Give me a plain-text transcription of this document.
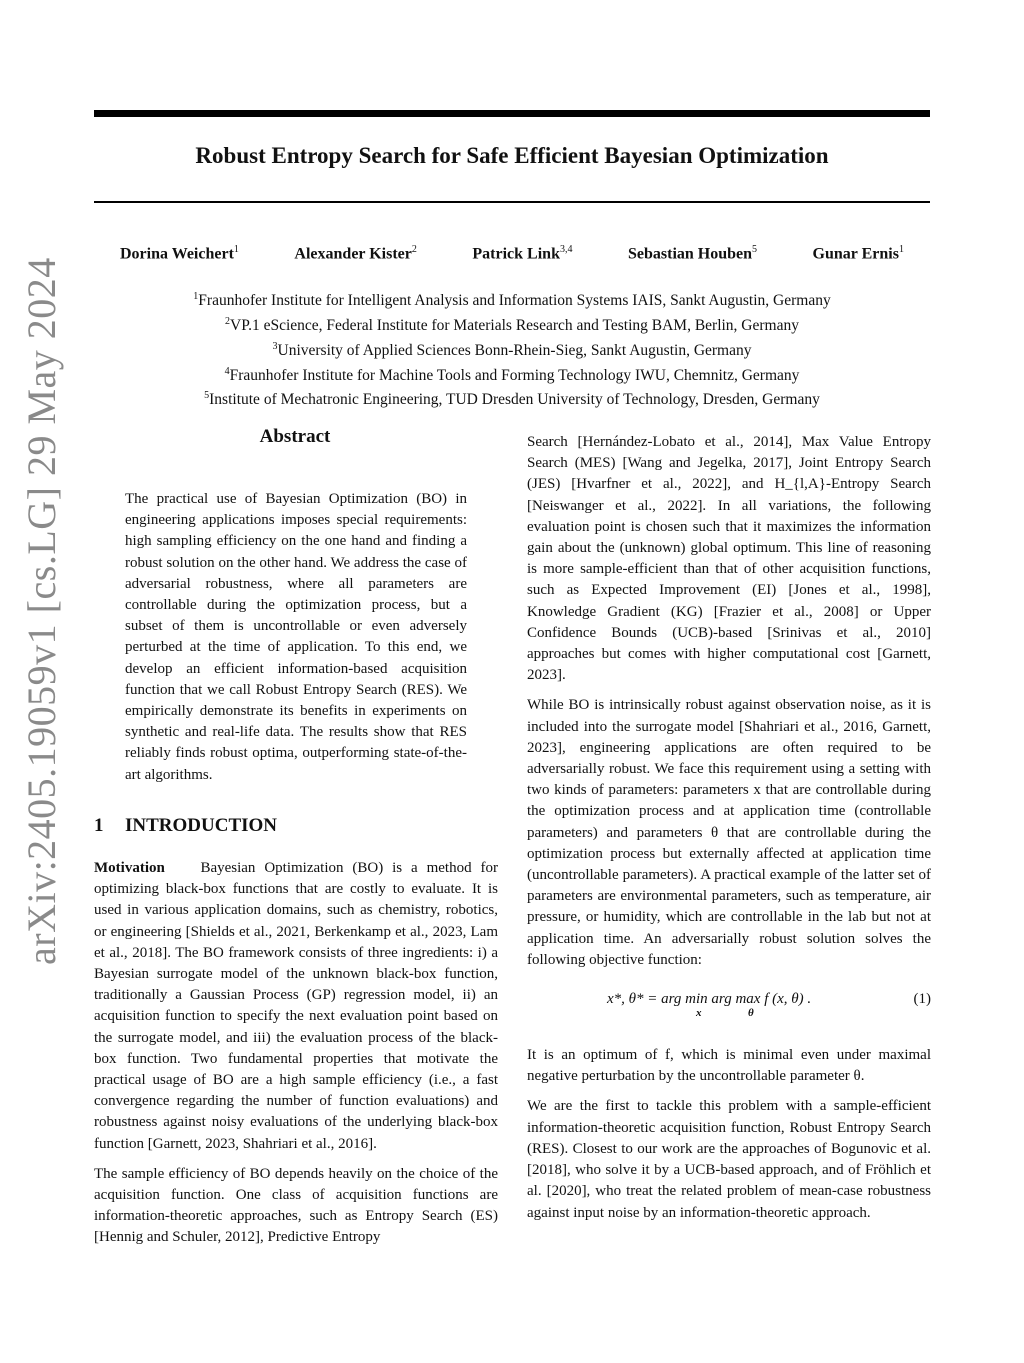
Robust Entropy Search for Safe Efficient Bayesian Optimization
Dorina Weichert$^1$	Alexander Kister$^2$	Patrick Link$^{3,4}$	Sebastian Houben$^5$	Gunar Ernis$^1$
$^1$Fraunhofer Institute for Intelligent Analysis and Information Systems IAIS, Sankt Augustin, Germany
$^2$VP.1 eScience, Federal Institute for Materials Research and Testing BAM, Berlin, Germany
$^3$University of Applied Sciences Bonn-Rhein-Sieg, Sankt Augustin, Germany
$^4$Fraunhofer Institute for Machine Tools and Forming Technology IWU, Chemnitz, Germany
$^5$Institute of Mechatronic Engineering, TUD Dresden University of Technology, Dresden, Germany
arXiv:2405.19059v1 [cs.LG] 29 May 2024	Abstract
The practical use of Bayesian Optimization (BO) in engineering applications imposes special requirements: high sampling efficiency on the one hand and finding a robust solution on the other hand. We address the case of adversarial robustness, where all parameters are controllable during the optimization process, but a subset of them is uncontrollable or even adversely perturbed at the time of application. To this end, we develop an efficient information-based acquisition function that we call Robust Entropy Search (RES). We empirically demonstrate its benefits in experiments on synthetic and real-life data. The results show that RES reliably finds robust optima, outperforming state-of-the-art algorithms.
1 INTRODUCTION

Motivation Bayesian Optimization (BO) is a method for optimizing black-box functions that are costly to evaluate. It is used in various application domains, such as chemistry, robotics, or engineering [Shields et al., 2021, Berkenkamp et al., 2023, Lam et al., 2018]. The BO framework consists of three ingredients: i) a Bayesian surrogate model of the unknown black-box function, traditionally a Gaussian Process (GP) regression model, ii) an acquisition function to specify the next evaluation point based on the surrogate model, and iii) the evaluation process of the black-box function. Two fundamental properties that motivate the practical usage of BO are a high sample efficiency (i.e., a fast convergence regarding the number of function evaluations) and robustness against noisy evaluations of the underlying black-box function [Garnett, 2023, Shahriari et al., 2016].

The sample efficiency of BO depends heavily on the choice of the acquisition function. One class of acquisition functions are information-theoretic approaches, such as Entropy Search (ES) [Hennig and Schuler, 2012], Predictive Entropy

Search [Hernández-Lobato et al., 2014], Max Value Entropy Search (MES) [Wang and Jegelka, 2017], Joint Entropy Search (JES) [Hvarfner et al., 2022], and H_{l,A}-Entropy Search [Neiswanger et al., 2022]. In all variations, the following evaluation point is chosen such that it maximizes the information gain about the (unknown) global optimum. This line of reasoning is more sample-efficient than that of other acquisition functions, such as Expected Improvement (EI) [Jones et al., 1998], Knowledge Gradient (KG) [Frazier et al., 2008] or Upper Confidence Bounds (UCB)-based [Srinivas et al., 2010] approaches but comes with higher computational cost [Garnett, 2023].

While BO is intrinsically robust against observation noise, as it is included into the surrogate model [Shahriari et al., 2016, Garnett, 2023], engineering applications are often required to be adversarially robust. We face this requirement using a setting with two kinds of parameters: parameters x that are controllable during the optimization process and at application time (controllable parameters) and parameters θ that are controllable during the optimization process but externally affected at application time (uncontrollable parameters). A practical example of the latter set of parameters are environmental parameters, such as temperature, air pressure, or humidity, which are controllable in the lab but not at application time. An adversarially robust solution solves the following objective function:

x*, θ* = arg min arg max f (x, θ) .
x	θ
(1)

It is an optimum of f, which is minimal even under maximal negative perturbation by the uncontrollable parameter θ.

We are the first to tackle this problem with a sample-efficient information-theoretic acquisition function, Robust Entropy Search (RES). Closest to our work are the approaches of Bogunovic et al. [2018], who solve it by a UCB-based approach, and of Fröhlich et al. [2020], who treat the related problem of mean-case robustness against input noise by an information-theoretic approach.
